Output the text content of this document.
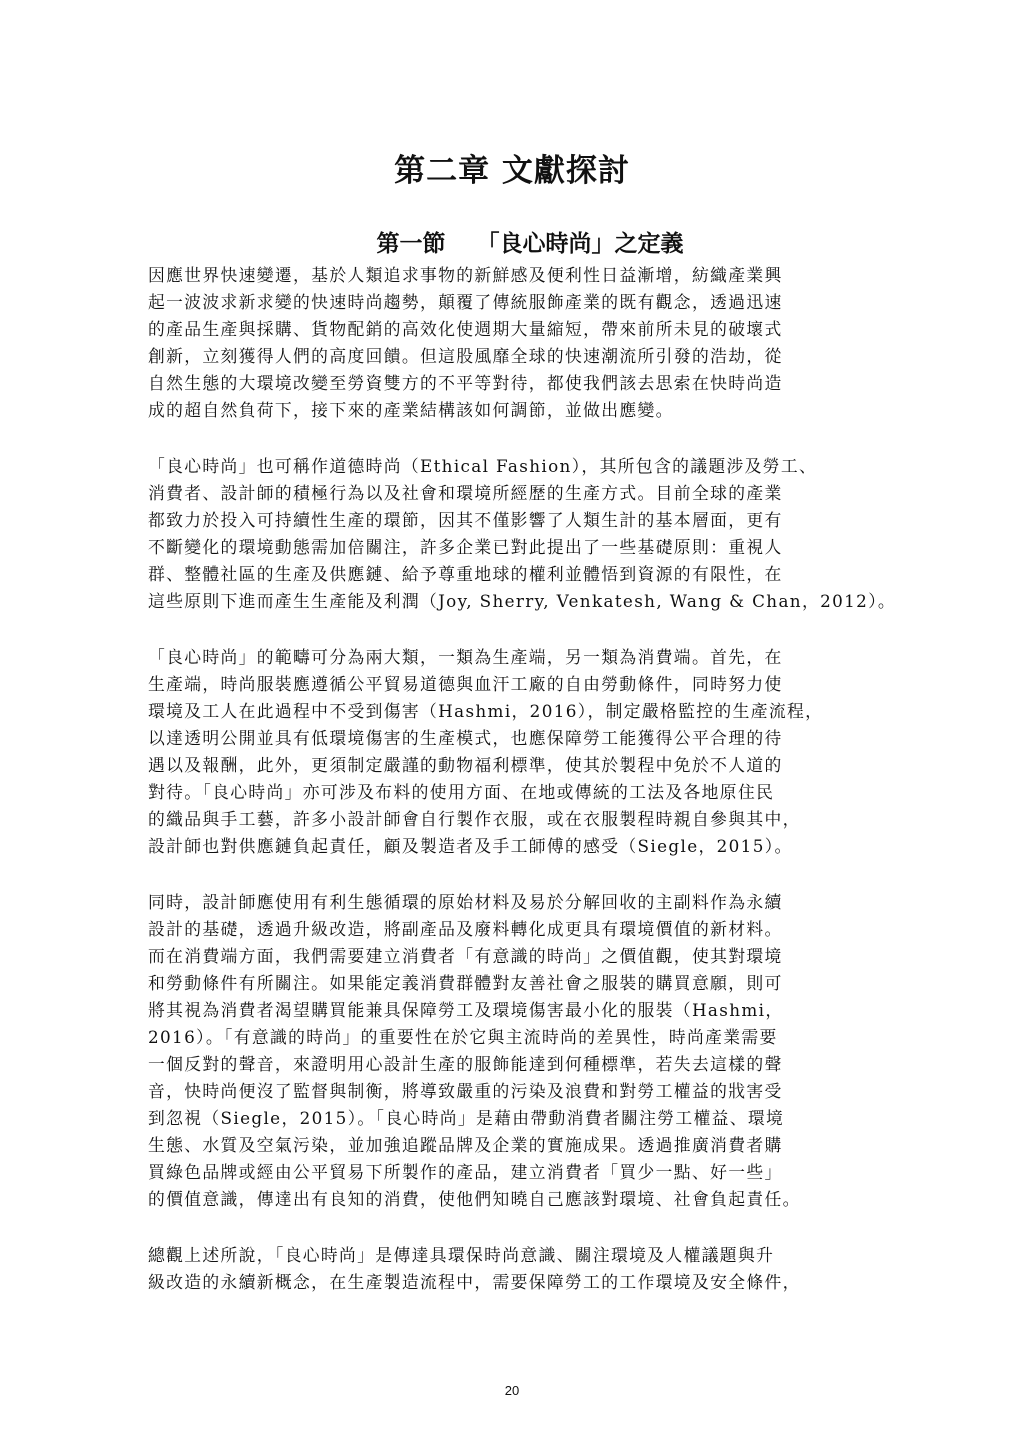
第二章 文獻探討
第一節　 「良心時尚」之定義
因應世界快速變遷，基於人類追求事物的新鮮感及便利性日益漸增，紡織產業興
起一波波求新求變的快速時尚趨勢，顛覆了傳統服飾產業的既有觀念，透過迅速
的產品生產與採購、貨物配銷的高效化使週期大量縮短，帶來前所未見的破壞式
創新，立刻獲得人們的高度回饋。但這股風靡全球的快速潮流所引發的浩劫，從
自然生態的大環境改變至勞資雙方的不平等對待，都使我們該去思索在快時尚造
成的超自然負荷下，接下來的產業結構該如何調節，並做出應變。
「良心時尚」也可稱作道德時尚（Ethical Fashion），其所包含的議題涉及勞工、
消費者、設計師的積極行為以及社會和環境所經歷的生產方式。目前全球的產業
都致力於投入可持續性生產的環節，因其不僅影響了人類生計的基本層面，更有
不斷變化的環境動態需加倍關注，許多企業已對此提出了一些基礎原則：重視人
群、整體社區的生產及供應鏈、給予尊重地球的權利並體悟到資源的有限性，在
這些原則下進而產生生產能及利潤（Joy, Sherry, Venkatesh, Wang & Chan，2012）。
「良心時尚」的範疇可分為兩大類，一類為生產端，另一類為消費端。首先，在
生產端，時尚服裝應遵循公平貿易道德與血汗工廠的自由勞動條件，同時努力使
環境及工人在此過程中不受到傷害（Hashmi，2016），制定嚴格監控的生產流程，
以達透明公開並具有低環境傷害的生產模式，也應保障勞工能獲得公平合理的待
遇以及報酬，此外，更須制定嚴謹的動物福利標準，使其於製程中免於不人道的
對待。「良心時尚」亦可涉及布料的使用方面、在地或傳統的工法及各地原住民
的織品與手工藝，許多小設計師會自行製作衣服，或在衣服製程時親自參與其中，
設計師也對供應鏈負起責任，顧及製造者及手工師傅的感受（Siegle，2015）。
同時，設計師應使用有利生態循環的原始材料及易於分解回收的主副料作為永續
設計的基礎，透過升級改造，將副產品及廢料轉化成更具有環境價值的新材料。
而在消費端方面，我們需要建立消費者「有意識的時尚」之價值觀，使其對環境
和勞動條件有所關注。如果能定義消費群體對友善社會之服裝的購買意願，則可
將其視為消費者渴望購買能兼具保障勞工及環境傷害最小化的服裝（Hashmi，
2016）。「有意識的時尚」的重要性在於它與主流時尚的差異性，時尚產業需要
一個反對的聲音，來證明用心設計生產的服飾能達到何種標準，若失去這樣的聲
音，快時尚便沒了監督與制衡，將導致嚴重的污染及浪費和對勞工權益的戕害受
到忽視（Siegle，2015）。「良心時尚」是藉由帶動消費者關注勞工權益、環境
生態、水質及空氣污染，並加強追蹤品牌及企業的實施成果。透過推廣消費者購
買綠色品牌或經由公平貿易下所製作的產品，建立消費者「買少一點、好一些」
的價值意識，傳達出有良知的消費，使他們知曉自己應該對環境、社會負起責任。
總觀上述所說，「良心時尚」是傳達具環保時尚意識、關注環境及人權議題與升
級改造的永續新概念，在生產製造流程中，需要保障勞工的工作環境及安全條件，
20
